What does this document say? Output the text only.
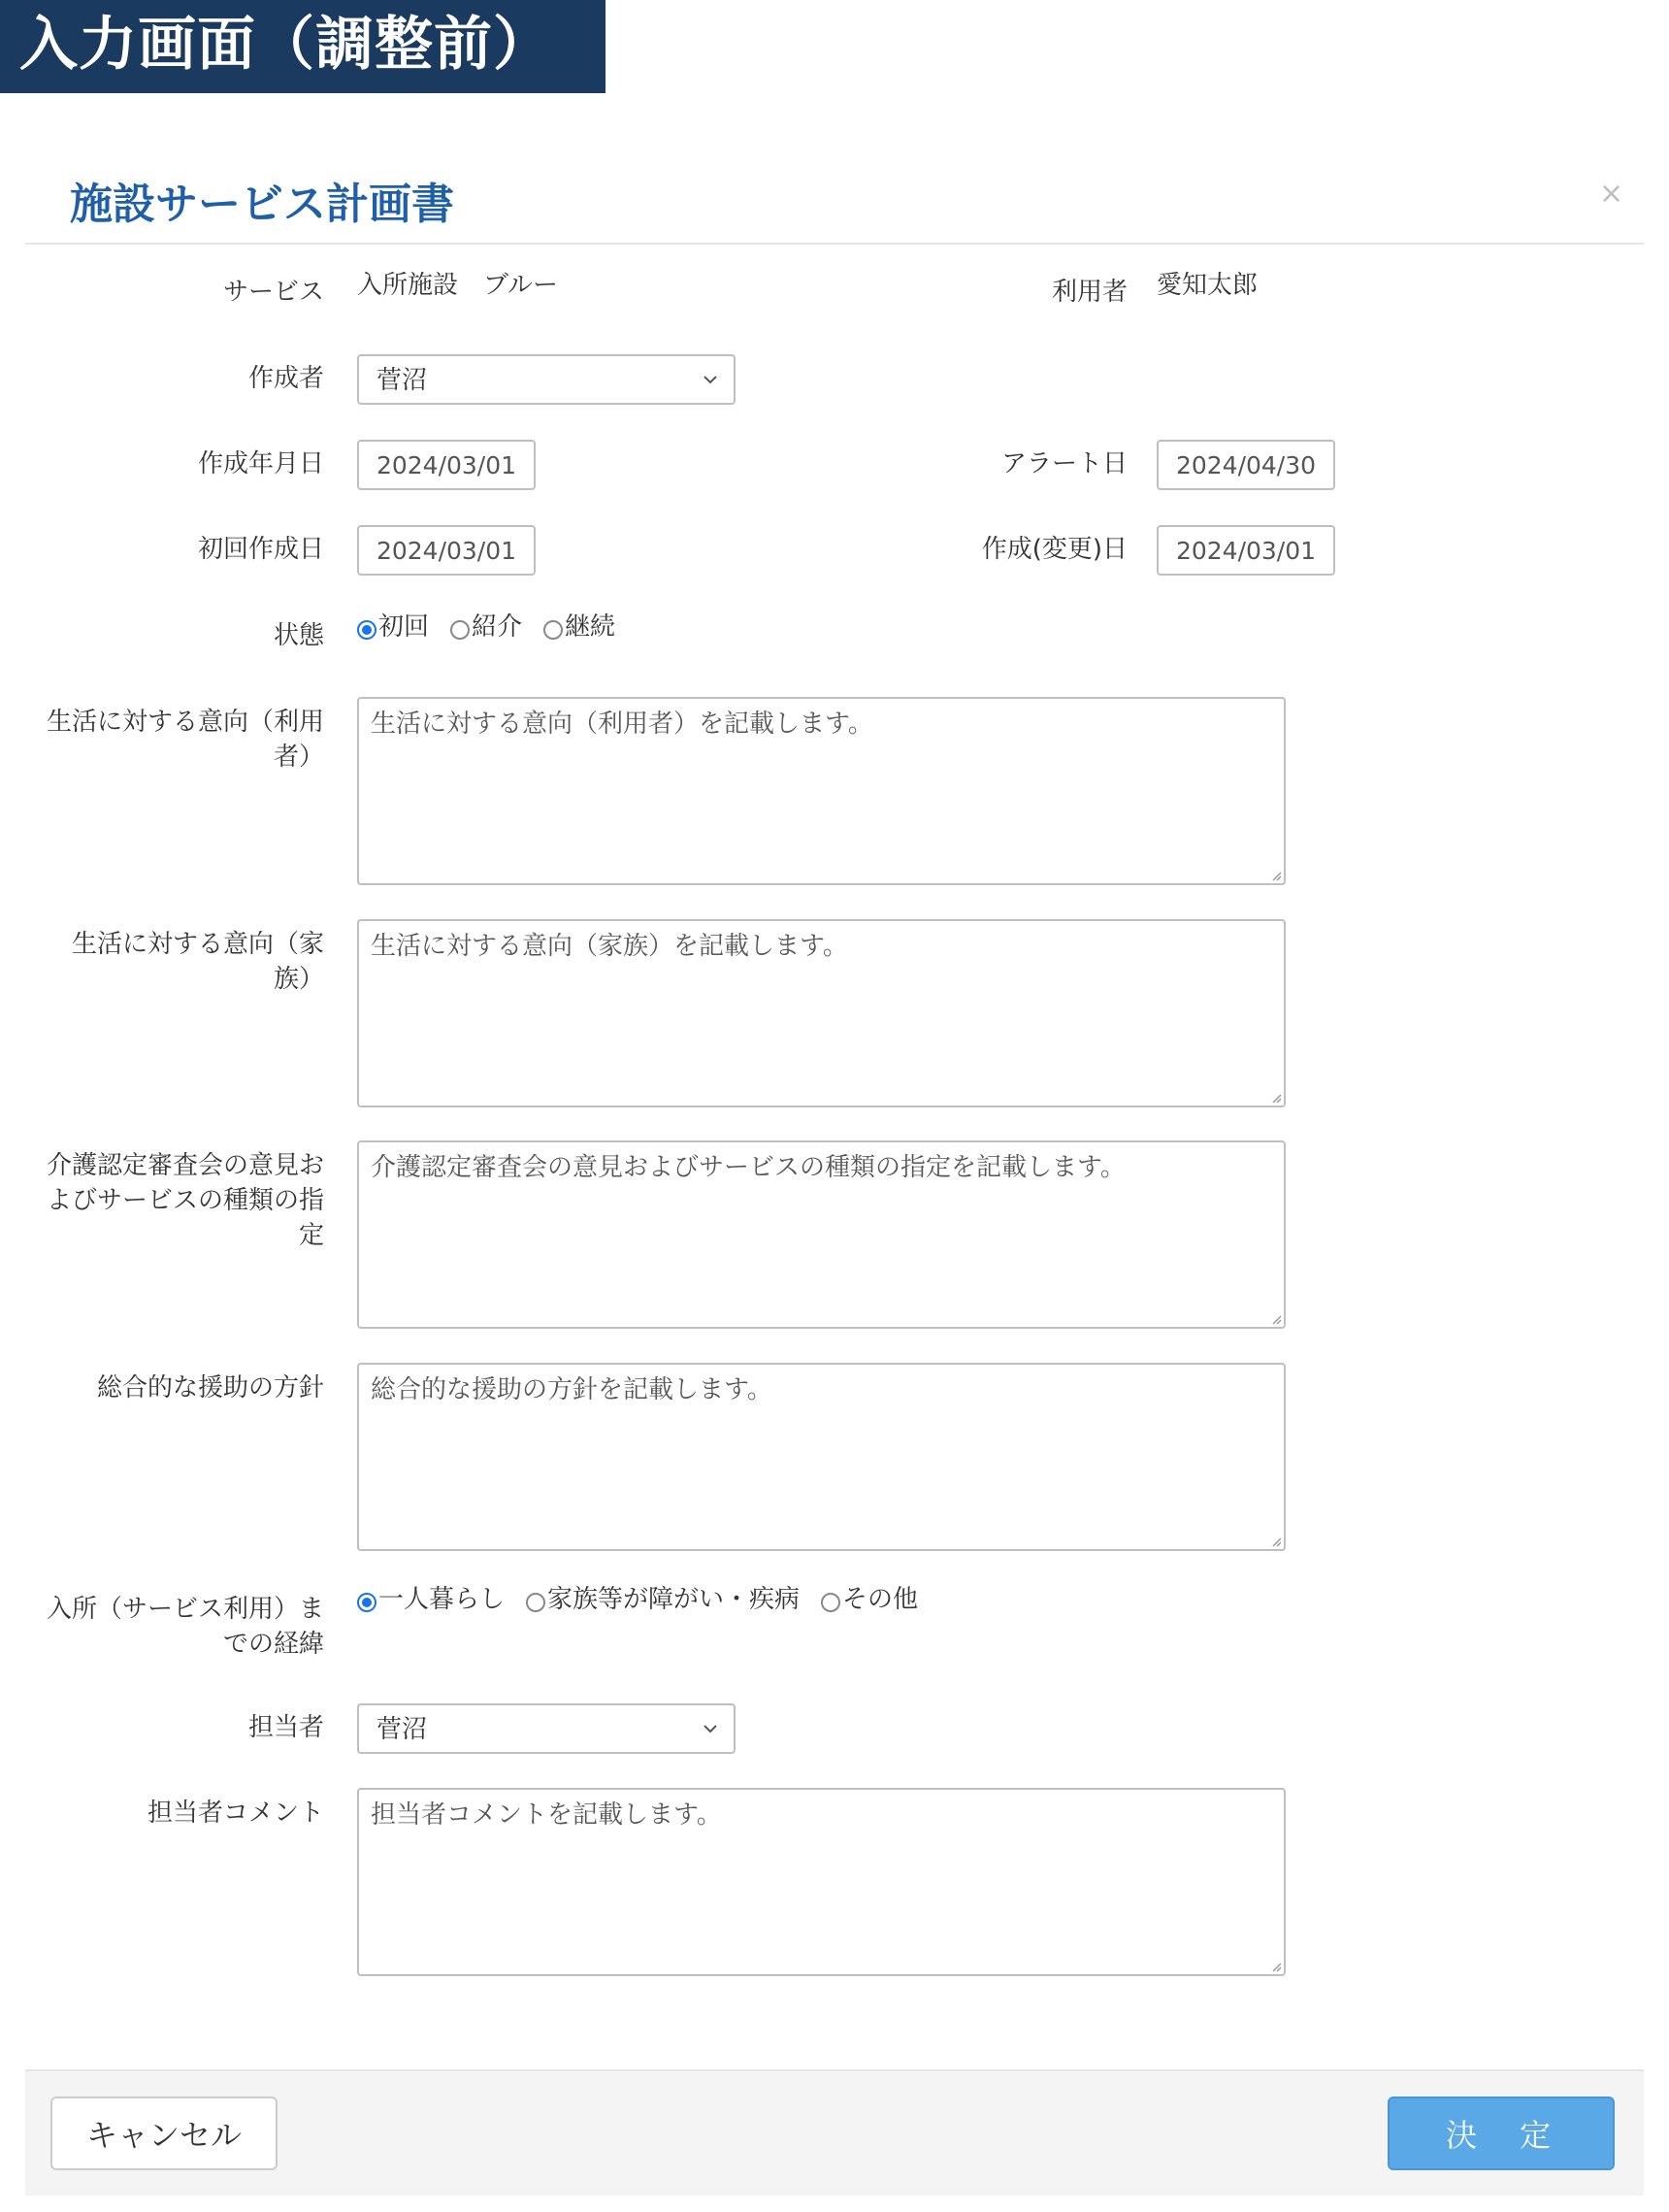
入力画面（調整前）
施設サービス計画書	×
サービス 入所施設　ブルー	利用者 愛知太郎
作成者 菅沼
作成年月日	2024/03/01	アラート日	2024/04/30
初回作成日	2024/03/01	作成(変更)日	2024/03/01
状態 初回 紹介 継続
生活に対する意向（利用者）
生活に対する意向（利用者）を記載します。
生活に対する意向（家族）
生活に対する意向（家族）を記載します。
介護認定審査会の意見およびサービスの種類の指定
介護認定審査会の意見およびサービスの種類の指定を記載します。
総合的な援助の方針 総合的な援助の方針を記載します。
入所（サービス利用）までの経緯
一人暮らし 家族等が障がい・疾病 その他
担当者 菅沼
担当者コメント 担当者コメントを記載します。
キャンセル	決　定
